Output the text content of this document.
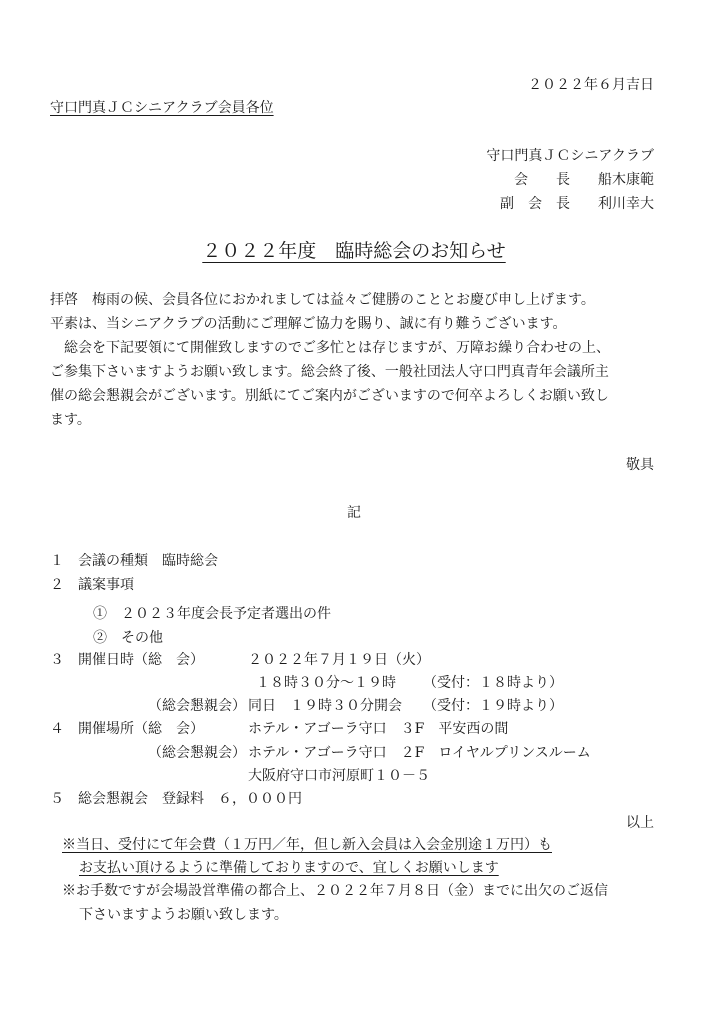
２０２２年６月吉日
守口門真ＪＣシニアクラブ会員各位
守口門真ＪＣシニアクラブ
会　　長　　船木康範
副　会　長　　利川幸大
２０２２年度　臨時総会のお知らせ
拝啓　梅雨の候、会員各位におかれましては益々ご健勝のこととお慶び申し上げます。
平素は、当シニアクラブの活動にご理解ご協力を賜り、誠に有り難うございます。
　総会を下記要領にて開催致しますのでご多忙とは存じますが、万障お繰り合わせの上、
ご参集下さいますようお願い致します。総会終了後、一般社団法人守口門真青年会議所主
催の総会懇親会がございます。別紙にてご案内がございますので何卒よろしくお願い致し
ます。
敬具
記
１　会議の種類　臨時総会
２　議案事項
①　２０２３年度会長予定者選出の件
②　その他
３　開催日時（総　会）	２０２２年７月１９日（火）
１８時３０分～１９時 （受付：１８時より）
（総会懇親会） 同日　１９時３０分開会 （受付：１９時より）
４　開催場所（総　会）	ホテル・アゴーラ守口　３F　平安西の間
（総会懇親会） ホテル・アゴーラ守口　２F　ロイヤルプリンスルーム
大阪府守口市河原町１０－５
５　総会懇親会　登録料　６，０００円
以上
※当日、受付にて年会費（１万円／年，但し新入会員は入会金別途１万円）も
お支払い頂けるように準備しておりますので、宜しくお願いします
※お手数ですが会場設営準備の都合上、２０２２年７月８日（金）までに出欠のご返信
下さいますようお願い致します。
